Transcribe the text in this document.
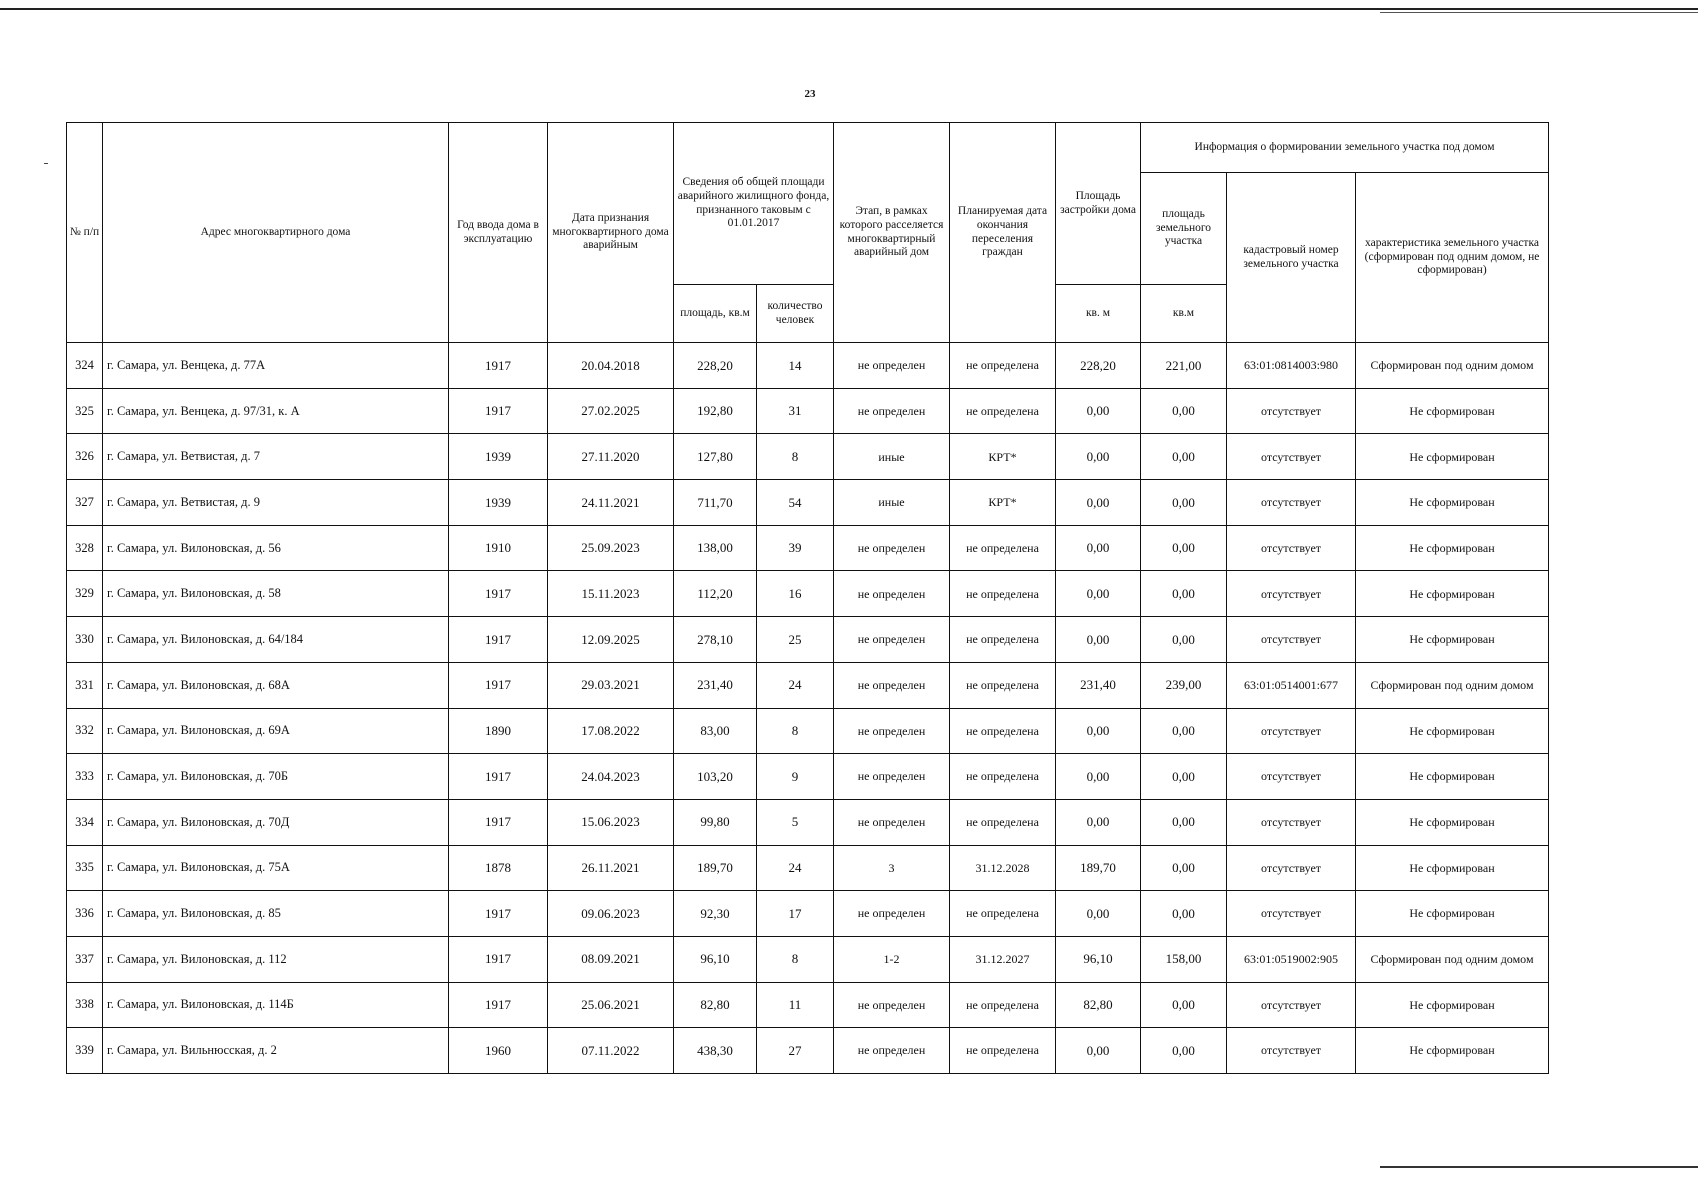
23
№ п/п	Адрес многоквартирного дома	Год ввода дома в эксплуатацию	Дата признания многоквартирного дома аварийным	Сведения об общей площади аварийного жилищного фонда, признанного таковым с 01.01.2017		Этап, в рамках которого расселяется многоквартирный аварийный дом	Планируемая дата окончания переселения граждан	Площадь застройки дома	Информация о формировании земельного участка под домом		
									площадь земельного участка	кадастровый номер земельного участка	характеристика земельного участка (сформирован под одним домом, не сформирован)
				площадь, кв.м	количество человек			кв. м	кв.м		
324	г. Самара, ул. Венцека, д. 77А	1917	20.04.2018	228,20	14	не определен	не определена	228,20	221,00	63:01:0814003:980	Сформирован под одним домом
325	г. Самара, ул. Венцека, д. 97/31, к. А	1917	27.02.2025	192,80	31	не определен	не определена	0,00	0,00	отсутствует	Не сформирован
326	г. Самара, ул. Ветвистая, д. 7	1939	27.11.2020	127,80	8	иные	КРТ*	0,00	0,00	отсутствует	Не сформирован
327	г. Самара, ул. Ветвистая, д. 9	1939	24.11.2021	711,70	54	иные	КРТ*	0,00	0,00	отсутствует	Не сформирован
328	г. Самара, ул. Вилоновская, д. 56	1910	25.09.2023	138,00	39	не определен	не определена	0,00	0,00	отсутствует	Не сформирован
329	г. Самара, ул. Вилоновская, д. 58	1917	15.11.2023	112,20	16	не определен	не определена	0,00	0,00	отсутствует	Не сформирован
330	г. Самара, ул. Вилоновская, д. 64/184	1917	12.09.2025	278,10	25	не определен	не определена	0,00	0,00	отсутствует	Не сформирован
331	г. Самара, ул. Вилоновская, д. 68А	1917	29.03.2021	231,40	24	не определен	не определена	231,40	239,00	63:01:0514001:677	Сформирован под одним домом
332	г. Самара, ул. Вилоновская, д. 69А	1890	17.08.2022	83,00	8	не определен	не определена	0,00	0,00	отсутствует	Не сформирован
333	г. Самара, ул. Вилоновская, д. 70Б	1917	24.04.2023	103,20	9	не определен	не определена	0,00	0,00	отсутствует	Не сформирован
334	г. Самара, ул. Вилоновская, д. 70Д	1917	15.06.2023	99,80	5	не определен	не определена	0,00	0,00	отсутствует	Не сформирован
335	г. Самара, ул. Вилоновская, д. 75А	1878	26.11.2021	189,70	24	3	31.12.2028	189,70	0,00	отсутствует	Не сформирован
336	г. Самара, ул. Вилоновская, д. 85	1917	09.06.2023	92,30	17	не определен	не определена	0,00	0,00	отсутствует	Не сформирован
337	г. Самара, ул. Вилоновская, д. 112	1917	08.09.2021	96,10	8	1-2	31.12.2027	96,10	158,00	63:01:0519002:905	Сформирован под одним домом
338	г. Самара, ул. Вилоновская, д. 114Б	1917	25.06.2021	82,80	11	не определен	не определена	82,80	0,00	отсутствует	Не сформирован
339	г. Самара, ул. Вильнюсская, д. 2	1960	07.11.2022	438,30	27	не определен	не определена	0,00	0,00	отсутствует	Не сформирован
